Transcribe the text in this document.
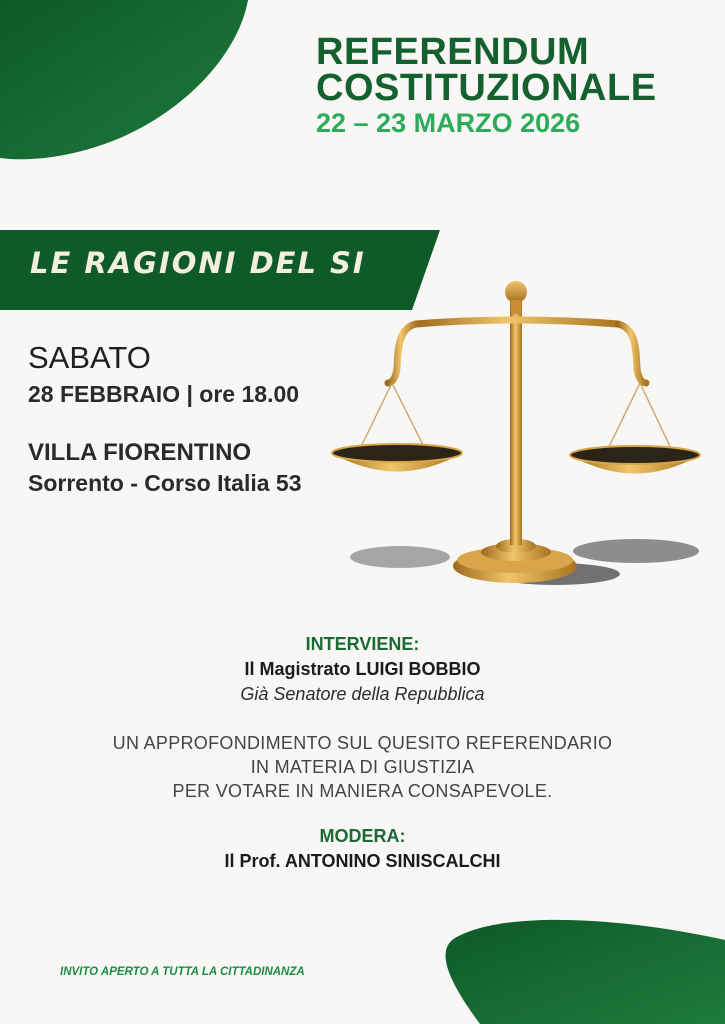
REFERENDUM
COSTITUZIONALE
22 – 23 MARZO 2026
LE RAGIONI DEL SI
SABATO
28 FEBBRAIO | ore 18.00
VILLA FIORENTINO
Sorrento - Corso Italia 53
INTERVIENE:
Il Magistrato LUIGI BOBBIO
Già Senatore della Repubblica
UN APPROFONDIMENTO SUL QUESITO REFERENDARIO
IN MATERIA DI GIUSTIZIA
PER VOTARE IN MANIERA CONSAPEVOLE.
MODERA:
Il Prof. ANTONINO SINISCALCHI
INVITO APERTO A TUTTA LA CITTADINANZA
